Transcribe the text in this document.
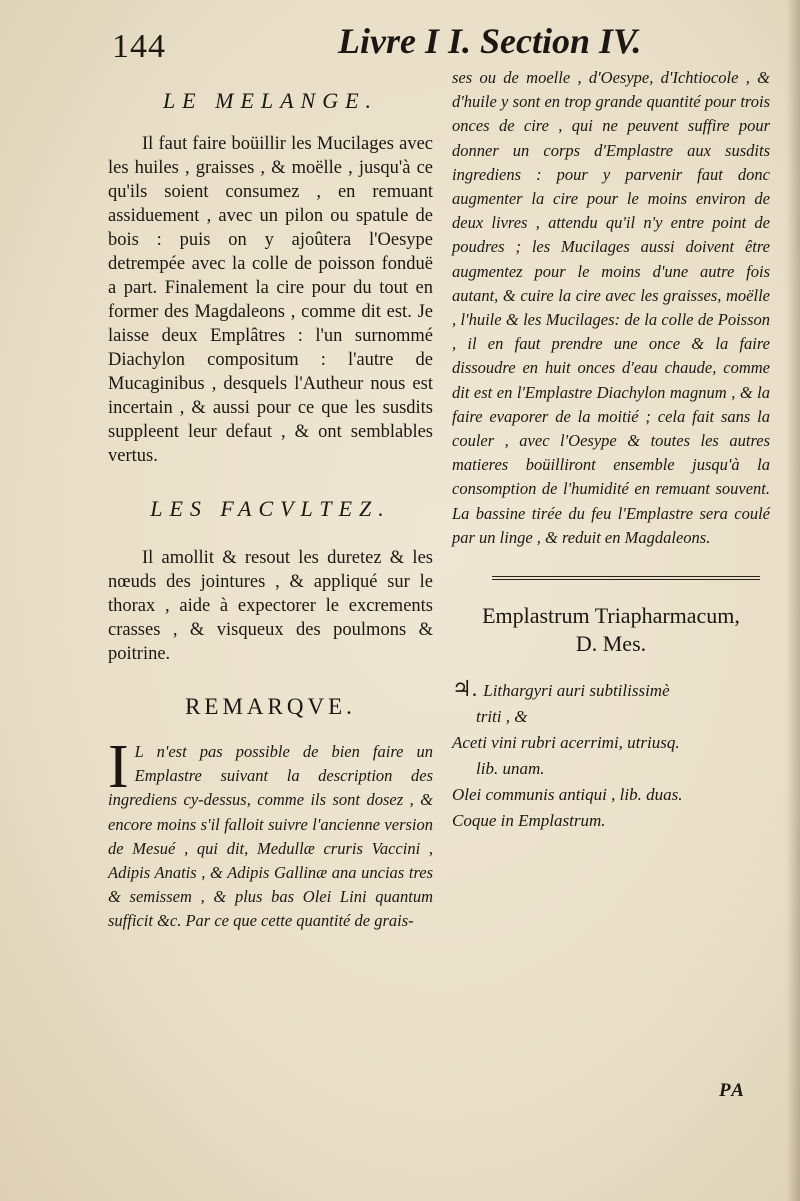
144	Livre I I. Section IV.

LE MELANGE.

Il faut faire boüillir les Mucilages avec les huiles , graisses , & moëlle , jusqu'à ce qu'ils soient consumez , en remuant assiduement , avec un pilon ou spatule de bois : puis on y ajoûtera l'Oesype detrempée avec la colle de poisson fonduë a part. Finalement la cire pour du tout en former des Magdaleons , comme dit est. Je laisse deux Emplâtres : l'un surnommé Diachylon compositum : l'autre de Mucaginibus , desquels l'Autheur nous est incertain , & aussi pour ce que les susdits suppleent leur defaut , & ont semblables vertus.

LES FACVLTEZ.

Il amollit & resout les duretez & les nœuds des jointures , & appliqué sur le thorax , aide à expectorer le excrements crasses , & visqueux des poulmons & poitrine.

REMARQVE.

I L n'est pas possible de bien faire un Emplastre suivant la description des ingrediens cy-dessus, comme ils sont dosez , & encore moins s'il falloit suivre l'ancienne version de Mesué , qui dit, Medullæ cruris Vaccini , Adipis Anatis , & Adipis Gallinæ ana uncias tres & semissem , & plus bas Olei Lini quantum sufficit &c. Par ce que cette quantité de grais-

ses ou de moelle , d'Oesype, d'Ichtiocole , & d'huile y sont en trop grande quantité pour trois onces de cire , qui ne peuvent suffire pour donner un corps d'Emplastre aux susdits ingrediens : pour y parvenir faut donc augmenter la cire pour le moins environ de deux livres , attendu qu'il n'y entre point de poudres ; les Mucilages aussi doivent être augmentez pour le moins d'une autre fois autant, & cuire la cire avec les graisses, moëlle , l'huile & les Mucilages: de la colle de Poisson , il en faut prendre une once & la faire dissoudre en huit onces d'eau chaude, comme dit est en l'Emplastre Diachylon magnum , & la faire evaporer de la moitié ; cela fait sans la couler , avec l'Oesype & toutes les autres matieres boüilliront ensemble jusqu'à la consomption de l'humidité en remuant souvent. La bassine tirée du feu l'Emplastre sera coulé par un linge , & reduit en Magdaleons.

Emplastrum Triapharmacum,

D. Mes.

♃. Lithargyri auri subtilissimè

triti , &

Aceti vini rubri acerrimi, utriusq.

lib. unam.

Olei communis antiqui , lib. duas.

Coque in Emplastrum.

PA
